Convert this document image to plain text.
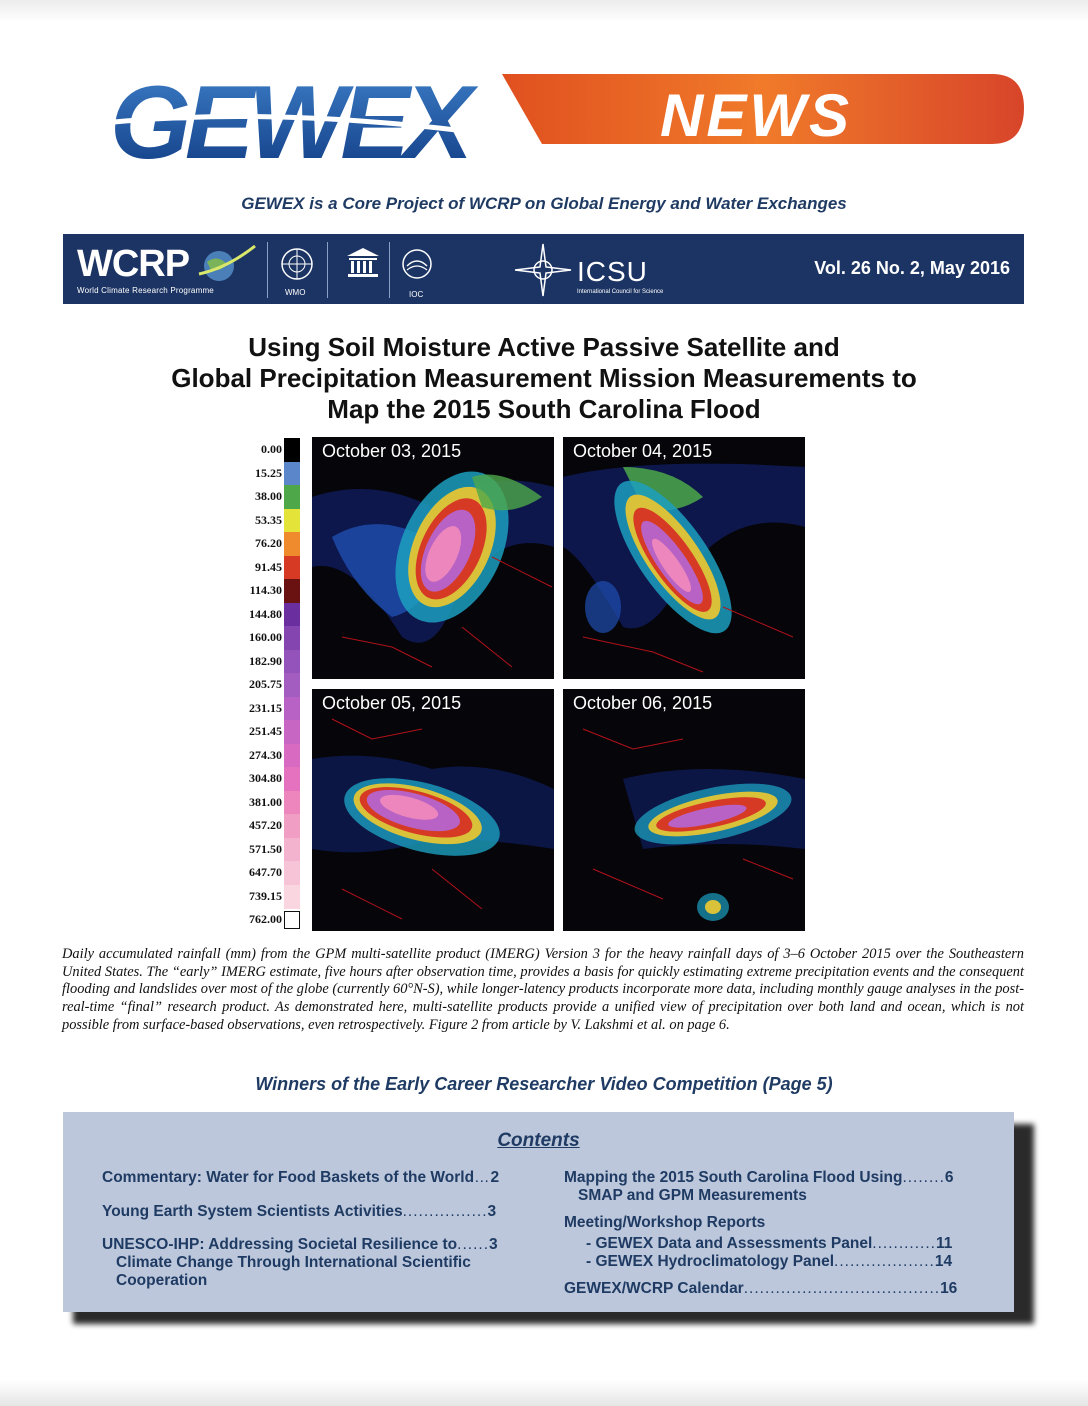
GEWEX	NEWS
GEWEX is a Core Project of WCRP on Global Energy and Water Exchanges
WCRP
World Climate Research Programme	WMO	IOC
ICSU
International Council for Science
Vol. 26 No. 2, May 2016
Using Soil Moisture Active Passive Satellite and
Global Precipitation Measurement Mission Measurements to
Map the 2015 South Carolina Flood
0.00
15.25
38.00
53.35
76.20
91.45
114.30
144.80
160.00
182.90
205.75
231.15
251.45
274.30
304.80
381.00
457.20
571.50
647.70
739.15
762.00
October 03, 2015	October 04, 2015
October 05, 2015	October 06, 2015
Daily accumulated rainfall (mm) from the GPM multi-satellite product (IMERG) Version 3 for the heavy rainfall days of 3–6 October 2015 over the Southeastern United States. The “early” IMERG estimate, five hours after observation time, provides a basis for quickly estimating extreme precipitation events and the consequent flooding and landslides over most of the globe (currently 60°N-S), while longer-latency products incorporate more data, including monthly gauge analyses in the post-real-time “final” research product. As demonstrated here, multi-satellite products provide a unified view of precipitation over both land and ocean, which is not possible from surface-based observations, even retrospectively. Figure 2 from article by V. Lakshmi et al. on page 6.
Winners of the Early Career Researcher Video Competition (Page 5)
Contents
Commentary: Water for Food Baskets of the World…2
Young Earth System Scientists Activities................3
UNESCO-IHP: Addressing Societal Resilience to......3
Climate Change Through International Scientific
Cooperation
Mapping the 2015 South Carolina Flood Using........6
SMAP and GPM Measurements
Meeting/Workshop Reports
- GEWEX Data and Assessments Panel............11
- GEWEX Hydroclimatology Panel...................14
GEWEX/WCRP Calendar.....................................16
